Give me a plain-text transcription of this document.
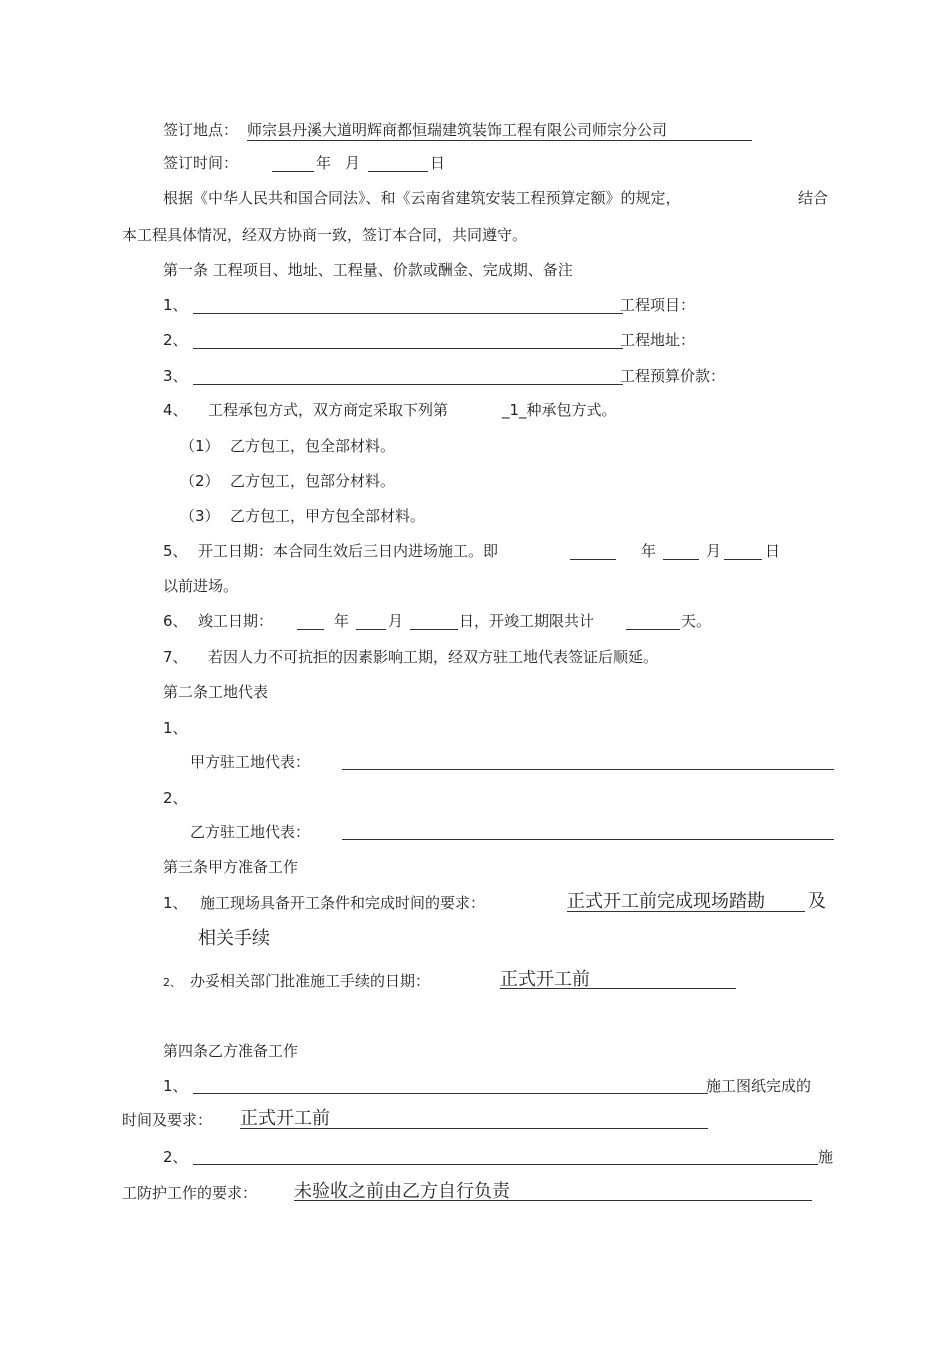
签订地点： 师宗县丹溪大道明辉商都恒瑞建筑装饰工程有限公司师宗分公司
签订时间：	年 月	日
根据《中华人民共和国合同法》、和《云南省建筑安装工程预算定额》的规定，	结合
本工程具体情况，经双方协商一致，签订本合同，共同遵守。
第一条 工程项目、地址、工程量、价款或酬金、完成期、备注
1、	工程项目：
2、	工程地址：
3、	工程预算价款：
4、 工程承包方式，双方商定采取下列第	_1_种承包方式。
（1） 乙方包工，包全部材料。
（2） 乙方包工，包部分材料。
（3） 乙方包工，甲方包全部材料。
5、 开工日期：本合同生效后三日内进场施工。即	年	月	日
以前进场。
6、 竣工日期：	年	月	日，开竣工期限共计	天。
7、 若因人力不可抗拒的因素影响工期，经双方驻工地代表签证后顺延。
第二条工地代表
1、
甲方驻工地代表：
2、
乙方驻工地代表：
第三条甲方准备工作
1、 施工现场具备开工条件和完成时间的要求：	正式开工前完成现场踏勘 及
相关手续
2、 办妥相关部门批准施工手续的日期：	正式开工前
第四条乙方准备工作
1、	施工图纸完成的
时间及要求： 正式开工前
2、	施
工防护工作的要求： 未验收之前由乙方自行负责
